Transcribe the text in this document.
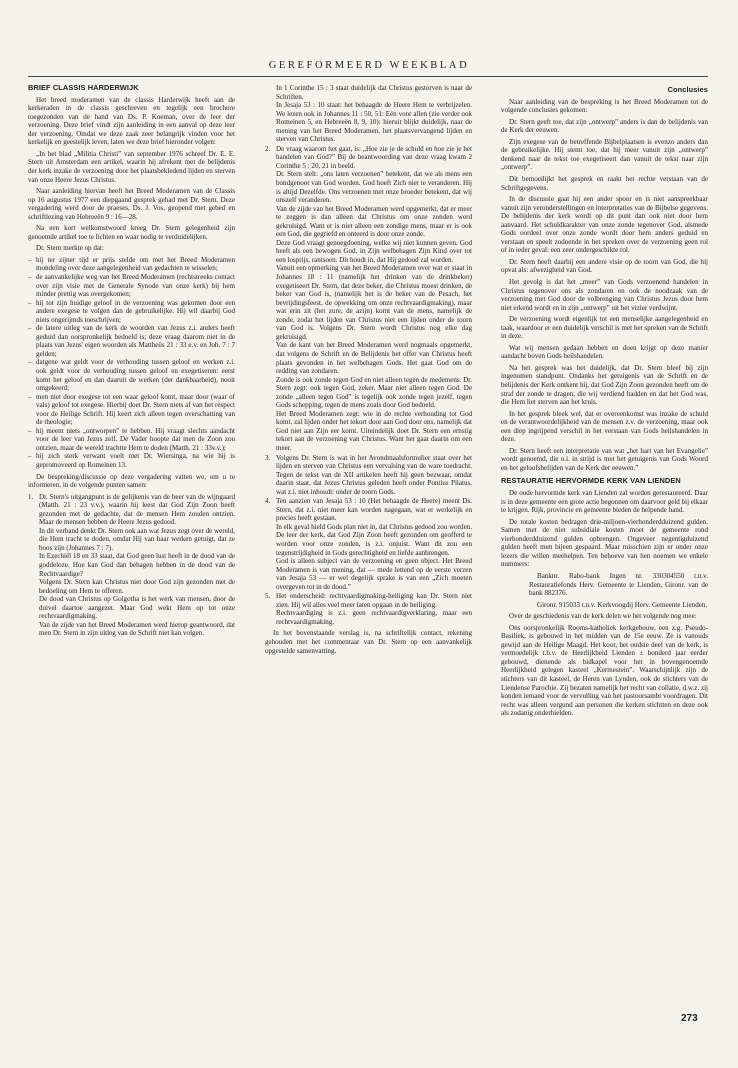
GEREFORMEERD WEEKBLAD
BRIEF CLASSIS HARDERWIJK

Het breed moderamen van de classis Harderwijk heeft aan de kerkeraden in de classis geschreven en tegelijk een brochure toegezonden van de hand van Ds. P. Koeman, over de leer der verzoening. Deze brief vindt zijn aanleiding in een aanval op deze leer der verzoening. Omdat we deze zaak zeer belangrijk vinden voor het kerkelijk en geestelijk leven, laten we deze brief hieronder volgen:

„In het blad „Militia Christi” van september 1976 schreef Dr. E. E. Stern uit Amsterdam een artikel, waarin hij afrekent met de belijdenis der kerk inzake de verzoening door het plaatsbekledend lijden en sterven van onze Heere Jezus Christus.

Naar aanleiding hiervan heeft het Breed Moderamen van de Classis op 16 augustus 1977 een diepgaand gesprek gehad met Dr. Stern. Deze vergadering werd door de praeses, Ds. J. Vos, geopend met gebed en schriftlezing van Hebreeën 9 : 16—28.

Na een kort welkomstwoord kreeg Dr. Stern gelegenheid zijn genoemde artikel toe te lichten en waar nodig te verduidelijken.

Dr. Stern merkte op dat:

– hij ter zijner tijd er prijs stelde om met het Breed Moderamen mondeling over deze aangelegenheid van gedachten te wisselen;
– de aanvankelijke weg van het Breed Moderamen (rechtstreeks contact over zijn visie met de Generale Synode van onze kerk) bij hem minder prettig was overgekomen;
– hij tot zijn huidige geloof in de verzoening was gekomen door een andere exegese te volgen dan de gebruikelijke. Hij wil daarbij God niets ongerijmds toeschrijven;
– de latere uitleg van de kerk de woorden van Jezus z.i. anders heeft geduid dan oorspronkelijk bedoeld is; deze vraag daarom niet in de plaats van Jezus' eigen woorden als Mattheüs 21 : 33 e.v. en Joh. 7 : 7 gelden;
– datgene wat geldt voor de verhouding tussen geloof en werken z.i. ook geldt voor de verhouding tussen geloof en exegetiseren: eerst komt het geloof en dan daaruit de werken (der dankbaarheid), nooit omgekeerd;
– men niet door exegese tot een waar geloof komt, maar door (waar of vals) geloof tot exegese. Hierbij doet Dr. Stern niets af van het respect voor de Heilige Schrift. Hij keert zich alleen tegen overschatting van de theologie;
– hij meent niets „ontworpen” te hebben. Hij vraagt slechts aandacht voor de leer van Jezus zelf. De Vader hoopte dat men de Zoon zou ontzien, maar de wereld trachtte Hem te doden (Matth. 21 : 33v.v.);
– hij zich sterk verwant voelt met Dr. Wiersinga, na wie hij is gepromoveerd op Romeinen 13.

De bespreking/discussie op deze vergadering vatten we, om u te informeren, in de volgende punten samen:

1. Dr. Stern's uitgangpunt is de gelijkenis van de heer van de wijngaard (Matth. 21 : 23 v.v.), waarin hij leest dat God Zijn Zoon heeft gezonden met de gedachte, dat de mensen Hem zouden ontzien. Maar de mensen hebben de Heere Jezus gedood.
In dit verband denkt Dr. Stern ook aan wat Jezus zegt over de wereld, die Hem tracht te doden, omdat Hij van haar werken getuigt, dat ze boos zijn (Johannes 7 : 7).
In Ezechiël 18 en 33 staat, dat God geen lust heeft in de dood van de goddeloze. Hoe kan God dan behagen hebben in de dood van de Rechtvaardige?
Volgens Dr. Stern kan Christus niet door God zijn gezonden met de bedoeling om Hem te offeren.
De dood van Christus op Golgotha is het werk van mensen, door de duivel daartoe aangezet. Maar God wekt Hem op tot onze rechtvaardigmaking.
Van de zijde van het Breed Moderamen werd hierop geantwoord, dat men Dr. Stern in zijn uitleg van de Schrift niet kan volgen.
In 1 Corinthe 15 : 3 staat duidelijk dat Christus gestorven is naar de Schriften.
In Jesaja 53 : 10 staat: het behaagde de Heere Hem te verbrijzelen. We lezen ook in Johannes 11 : 50, 51: Eén voor allen (zie verder ook Romeinen 5, en Hebreeën 8, 9, 10): hieruit blijkt duidelijk, naar de mening van het Breed Moderamen, het plaatsvervangend lijden en sterven van Christus.
2. De vraag waarom het gaat, is: „Hoe zie je de schuld en hoe zie je het handelen van God?” Bij de beantwoording van deze vraag kwam 2 Corinthe 5 : 20, 21 in beeld.
Dr. Stern stelt: „ons laten verzoenen” betekent, dat we als mens een bondgenoot van God worden. God hoeft Zich niet te veranderen. Hij is altijd Dezelfde. Ons verzoenen met onze broeder betekent, dat wij onszelf veranderen.
Van de zijde van het Breed Moderamen werd opgemerkt, dat er meer te zeggen is dan alleen dat Christus om onze zonden werd gekruisigd. Want er is niet alleen een zondige mens, maar er is ook een God, die gegriefd en onteerd is door onze zonde.
Deze God vraagt genoegdoening, welke wij niet kunnen geven. God heeft als een bewogen God, in Zijn welbehagen Zijn Kind over tot een losprijs, rantsoen. Dit houdt in, dat Hij gedood zal worden.
Vanuit een opmerking van het Breed Moderamen over wat er staat in Johannes 18 : 11 (namelijk het drinken van de drinkbeker) exegetiseert Dr. Stern, dat deze beker, die Christus moest drinken, de beker van God is, (namelijk het is de beker van de Pesach, het bevrijdingsfeest, de opwekking om onze rechtvaardigmaking), maar wat erin zit (het zure, de azijn) komt van de mens, namelijk de zonde, zodat het lijden van Christus niet een lijden onder de toorn van God is. Volgens Dr. Stern wordt Christus nog elke dag gekruisigd.
Van de kant van het Breed Moderamen werd nogmaals opgemerkt, dat volgens de Schrift en de Belijdenis het offer van Christus heeft plaats gevonden in het welbehagen Gods. Het gaat God om de redding van zondaren.
Zonde is ook zonde tegen God en niet alleen tegen de medemens. Dr. Stern zegt: ook tegen God, zeker. Maar niet alleen tegen God. De zonde „alleen tegen God” is tegelijk ook zonde tegen jezelf, tegen Gods schepping, tegen de mens zoals door God bedoeld.
Het Breed Moderamen zegt: wie in de rechte verhouding tot God komt, zal lijden onder het tekort door aan God door ons, namelijk dat God niet aan Zijn eer komt. Uiteindelijk doet Dr. Stern een ernstig tekort aan de verzoening van Christus. Want het gaat daarin om een meer.
3. Volgens Dr. Stern is wat in het Avondmaalsformulier staat over het lijden en sterven van Christus een vervalsing van de ware toedracht. Tegen de tekst van de XII artikelen heeft hij geen bezwaar, omdat daarin staat, dat Jezus Christus geleden heeft onder Pontius Pilatus, wat z.i. niet inhoudt: onder de toorn Gods.
4. Ten aanzien van Jesaja 53 : 10 (Het behaagde de Heere) meent Ds. Stern, dat z.i. niet meer kan worden nagegaan, wat er werkelijk en precies heeft gestaan.
In elk geval hield Gods plan niet in, dat Christus gedood zou worden. De leer der kerk, dat God Zijn Zoon heeft gezonden om geofferd te worden voor onze zonden, is z.i. onjuist. Want dit zou een tegenstrijdigheid in Gods gerechtigheid en liefde aanbrengen.
God is alleen subject van de verzoening en geen object. Het Breed Moderamen is van mening, dat — mede lettend op de eerste verzen van Jesaja 53 — er wel degelijk sprake is van een „Zich moeten overgeven tot in de dood.”
5. Het onderscheid: rechtvaardigmaking-heiliging kan Dr. Stern niet zien. Hij wil alles veel meer laten opgaan in de heiliging.
Rechtvaardiging is z.i. geen rechtvaardigverklaring, maar een rechtvaardigmaking.

In het bovenstaande verslag is, na schriftelijk contact, rekening gehouden met het commentaar van Dr. Stern op een aanvankelijk opgestelde samenvatting.

Conclusies

Naar aanleiding van de bespreking is het Breed Moderamen tot de volgende conclusies gekomen:

Dr. Stern geeft toe, dat zijn „ontwerp” anders is dan de belijdenis van de Kerk der eeuwen.

Zijn exegese van de betreffende Bijbelplaatsen is evenzo anders dan de gebruikelijke. Hij stemt toe, dat hij meer vanuit zijn „ontwerp” denkend naar de tekst toe exegetiseert dan vanuit de tekst naar zijn „ontwerp”.

Dit bemoeilijkt het gesprek en raakt het rechte verstaan van de Schriftgegevens.

In de discussie gaat hij een ander spoor en is niet aanspreekbaar vanuit zijn veronderstellingen en interpretaties van de Bijbelse gegevens. De belijdenis der kerk wordt op dit punt dan ook niet door hem aanvaard. Het schuldkarakter van onze zonde tegenover God, alsmede Gods oordeel over onze zonde wordt door hem anders geduid en verstaan en speelt zodoende in het spreken over de verzoening geen rol of in ieder geval: een zeer ondergeschikte rol.

Dr. Stern heeft daarbij een andere visie op de toorn van God, die hij opvat als: afwezigheid van God.

Het gevolg is dat het „meer” van Gods verzoenend handelen in Christus tegenover ons als zondaren en ook de noodzaak van de verzoening met God door de volbrenging van Christus Jezus door hem niet erkend wordt en in zijn „ontwerp” uit het vizier verdwijnt.

De verzoening wordt eigenlijk tot een menselijke aangelegenheid en taak, waardoor er een duidelijk verschil is met het spreken van de Schrift in deze.

Wat wij mensen gedaan hebben en doen krijgt op deze manier aandacht boven Gods heilshandelen.

Na het gesprek was het duidelijk, dat Dr. Stern bleef bij zijn ingenomen standpunt. Ondanks het getuigenis van de Schrift en de belijdenis der Kerk ontkent hij, dat God Zijn Zoon gezonden heeft om de straf der zonde te dragen, die wij verdiend hadden en dat het God was, die Hem liet sterven aan het kruis.

In het gesprek bleek wel, dat er overeenkomst was inzake de schuld en de verantwoordelijkheid van de mensen z.v. de verzoening, maar ook een diep ingrijpend verschil in het verstaan van Gods heilshandelen in deze.

Dr. Stern heeft een interpretatie van wat „het hart van het Evangelie” wordt genoemd, die o.i. in strijd is met het getuigenis van Gods Woord en het geloofsbelijden van de Kerk der eeuwen.”

RESTAURATIE HERVORMDE KERK VAN LIENDEN

De oude hervormde kerk van Lienden zal worden gerestaureerd. Daar is in deze gemeente een grote actie begonnen om daarvoor geld bij elkaar te krijgen. Rijk, provincie en gemeente bieden de helpende hand.

De totale kosten bedragen drie-miljoen-vierhonderdduizend gulden. Samen met de niet subsidiale kosten moet de gemeente rond vierhonderdduizend gulden opbrengen. Ongeveer negentigduizend gulden heeft men bijeen gespaard. Maar misschien zijn er onder onze lezers die willen meehelpen. Ten behoeve van hen noemen we enkele nummers:

Banknr. Rabo-bank Ingen nr. 330304550 t.n.v. Restauratiefonds Herv. Gemeente te Lienden, Gironr. van de bank 882376.

Gironr. 915033 t.n.v. Kerkvoogdij Herv. Gemeente Lienden.

Over de geschiedenis van de kerk delen we het volgende nog mee:

Ons oorspronkelijk Rooms-katholiek kerkgebouw, een z.g. Pseudo-Basiliek, is gebouwd in het midden van de 15e eeuw. Ze is vanouds gewijd aan de Heilige Maagd. Het koor, het oudste deel van de kerk, is vermoedelijk t.b.v. de Heerlijkheid Lienden ± honderd jaar eerder gebouwd, dienende als bidkapel voor het in bovengenoemde Heerlijkheid gelegen kasteel „Kermestein”. Waarschijnlijk zijn de stichters van dit kasteel, de Heren van Lynden, ook de stichters van de Liendense Parochie. Zij bezaten namelijk het recht van collatie, d.w.z. zij konden iemand voor de vervulling van het pastoorsambt voordragen. Dit recht was alleen vergund aan personen die kerken stichtten en deze ook als zodanig onderhielden.

273
